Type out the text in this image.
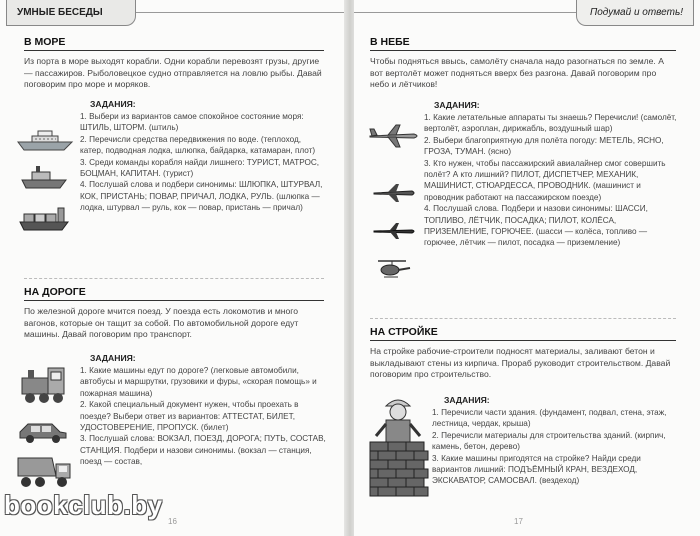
УМНЫЕ БЕСЕДЫ
В МОРЕ
Из порта в море выходят корабли. Одни корабли перевозят грузы, другие — пассажиров. Рыболовецкое судно отправляется на ловлю рыбы. Давай поговорим про море и моряков.
ЗАДАНИЯ:

1. Выбери из вариантов самое спокойное состояние моря: ШТИЛЬ, ШТОРМ. (штиль)

2. Перечисли средства передвижения по воде. (теплоход, катер, подводная лодка, шлюпка, байдарка, катамаран, плот)

3. Среди команды корабля найди лишнего: ТУРИСТ, МАТРОС, БОЦМАН, КАПИТАН. (турист)

4. Послушай слова и подбери синонимы: ШЛЮПКА, ШТУРВАЛ, КОК, ПРИСТАНЬ; ПОВАР, ПРИЧАЛ, ЛОДКА, РУЛЬ. (шлюпка — лодка, штурвал — руль, кок — повар, пристань — причал)

НА ДОРОГЕ
По железной дороге мчится поезд. У поезда есть локомотив и много вагонов, которые он тащит за собой. По автомобильной дороге едут машины. Давай поговорим про транспорт.
ЗАДАНИЯ:

1. Какие машины едут по дороге? (легковые автомобили, автобусы и маршрутки, грузовики и фуры, «скорая помощь» и пожарная машина)

2. Какой специальный документ нужен, чтобы проехать в поезде? Выбери ответ из вариантов: АТТЕСТАТ, БИЛЕТ, УДОСТОВЕРЕНИЕ, ПРОПУСК. (билет)

3. Послушай слова: ВОКЗАЛ, ПОЕЗД, ДОРОГА; ПУТЬ, СОСТАВ, СТАНЦИЯ. Подбери и назови синонимы. (вокзал — станция, поезд — состав,

16
Подумай и ответь!
В НЕБЕ
Чтобы подняться ввысь, самолёту сначала надо разогнаться по земле. А вот вертолёт может подняться вверх без разгона. Давай поговорим про небо и лётчиков!
ЗАДАНИЯ:

1. Какие летательные аппараты ты знаешь? Перечисли! (самолёт, вертолёт, аэроплан, дирижабль, воздушный шар)

2. Выбери благоприятную для полёта погоду: МЕТЕЛЬ, ЯСНО, ГРОЗА, ТУМАН. (ясно)

3. Кто нужен, чтобы пассажирский авиалайнер смог совершить полёт? А кто лишний? ПИЛОТ, ДИСПЕТЧЕР, МЕХАНИК, МАШИНИСТ, СТЮАРДЕССА, ПРОВОДНИК. (машинист и проводник работают на пассажирском поезде)

4. Послушай слова. Подбери и назови синонимы: ШАССИ, ТОПЛИВО, ЛЁТЧИК, ПОСАДКА; ПИЛОТ, КОЛЁСА, ПРИЗЕМЛЕНИЕ, ГОРЮЧЕЕ. (шасси — колёса, топливо — горючее, лётчик — пилот, посадка — приземление)

НА СТРОЙКЕ
На стройке рабочие-строители подносят материалы, заливают бетон и выкладывают стены из кирпича. Прораб руководит строительством. Давай поговорим про строительство.
ЗАДАНИЯ:

1. Перечисли части здания. (фундамент, подвал, стена, этаж, лестница, чердак, крыша)

2. Перечисли материалы для строительства зданий. (кирпич, камень, бетон, дерево)

3. Какие машины пригодятся на стройке? Найди среди вариантов лишний: ПОДЪЁМНЫЙ КРАН, ВЕЗДЕХОД, ЭКСКАВАТОР, САМОСВАЛ. (вездеход)

17
bookclub.by
